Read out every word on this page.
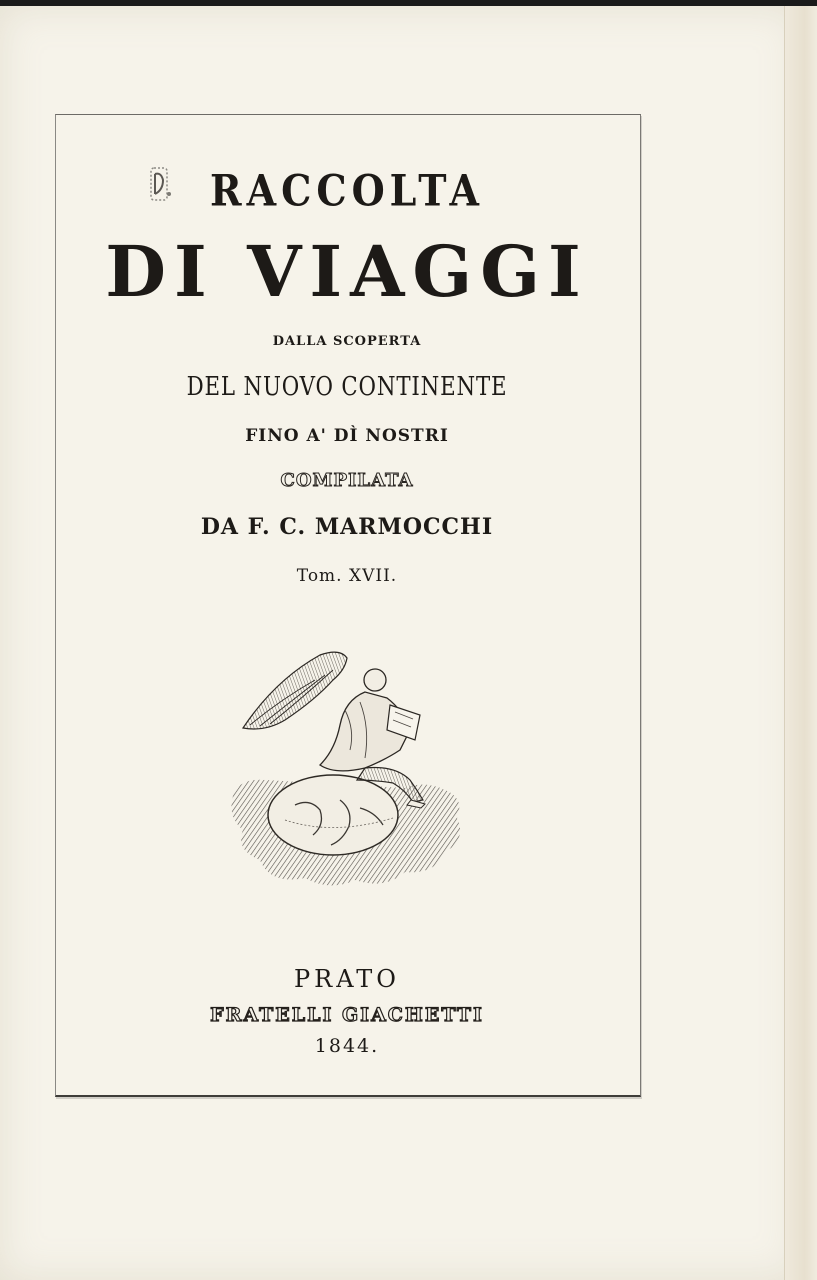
RACCOLTA
DI VIAGGI
DALLA SCOPERTA
DEL NUOVO CONTINENTE
FINO A' DÌ NOSTRI
COMPILATA
DA F. C. MARMOCCHI
Tom. XVII.
PRATO
FRATELLI GIACHETTI
1844.
